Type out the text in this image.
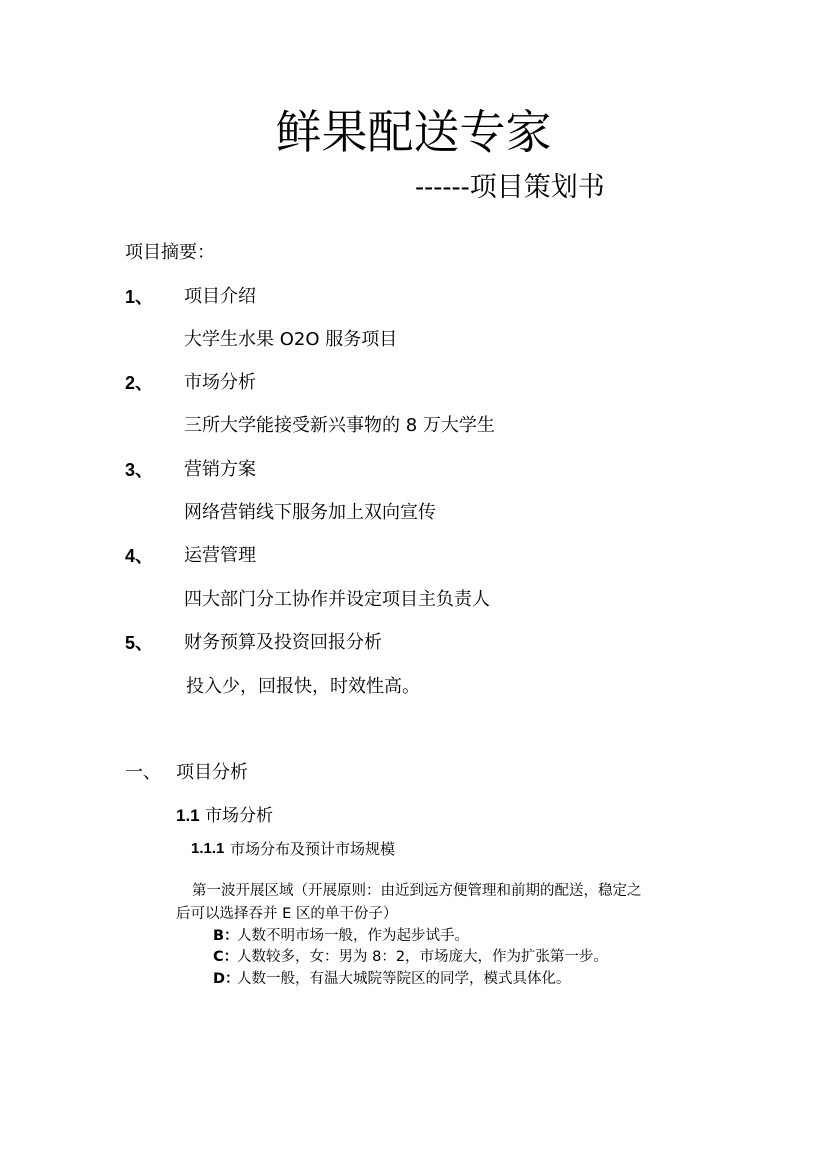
鲜果配送专家
------项目策划书
项目摘要：
1、 项目介绍
大学生水果 O2O 服务项目
2、 市场分析
三所大学能接受新兴事物的 8 万大学生
3、 营销方案
网络营销线下服务加上双向宣传
4、 运营管理
四大部门分工协作并设定项目主负责人
5、 财务预算及投资回报分析
投入少，回报快，时效性高。
一、 项目分析
1.1 市场分析
1.1.1 市场分布及预计市场规模
第一波开展区域（开展原则：由近到远方便管理和前期的配送，稳定之
后可以选择吞并 E 区的单干份子）
B：
人数不明市场一般，作为起步试手。
C：
人数较多，女：男为 8：2，市场庞大，作为扩张第一步。
D：
人数一般，有温大城院等院区的同学，模式具体化。
